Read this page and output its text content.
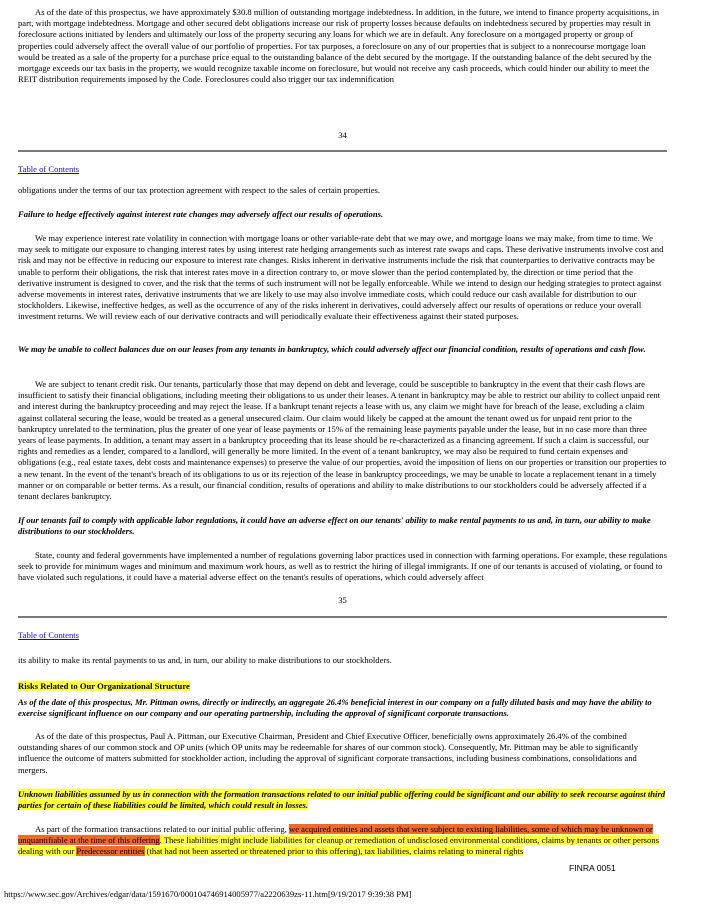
As of the date of this prospectus, we have approximately $30.8 million of outstanding mortgage indebtedness. In addition, in the future, we intend to finance property acquisitions, in part, with mortgage indebtedness. Mortgage and other secured debt obligations increase our risk of property losses because defaults on indebtedness secured by properties may result in foreclosure actions initiated by lenders and ultimately our loss of the property securing any loans for which we are in default. Any foreclosure on a mortgaged property or group of properties could adversely affect the overall value of our portfolio of properties. For tax purposes, a foreclosure on any of our properties that is subject to a nonrecourse mortgage loan would be treated as a sale of the property for a purchase price equal to the outstanding balance of the debt secured by the mortgage. If the outstanding balance of the debt secured by the mortgage exceeds our tax basis in the property, we would recognize taxable income on foreclosure, but would not receive any cash proceeds, which could hinder our ability to meet the REIT distribution requirements imposed by the Code. Foreclosures could also trigger our tax indemnification

34

Table of Contents

obligations under the terms of our tax protection agreement with respect to the sales of certain properties.

Failure to hedge effectively against interest rate changes may adversely affect our results of operations.

We may experience interest rate volatility in connection with mortgage loans or other variable-rate debt that we may owe, and mortgage loans we may make, from time to time. We may seek to mitigate our exposure to changing interest rates by using interest rate hedging arrangements such as interest rate swaps and caps. These derivative instruments involve cost and risk and may not be effective in reducing our exposure to interest rate changes. Risks inherent in derivative instruments include the risk that counterparties to derivative contracts may be unable to perform their obligations, the risk that interest rates move in a direction contrary to, or move slower than the period contemplated by, the direction or time period that the derivative instrument is designed to cover, and the risk that the terms of such instrument will not be legally enforceable. While we intend to design our hedging strategies to protect against adverse movements in interest rates, derivative instruments that we are likely to use may also involve immediate costs, which could reduce our cash available for distribution to our stockholders. Likewise, ineffective hedges, as well as the occurrence of any of the risks inherent in derivatives, could adversely affect our results of operations or reduce your overall investment returns. We will review each of our derivative contracts and will periodically evaluate their effectiveness against their stated purposes.

We may be unable to collect balances due on our leases from any tenants in bankruptcy, which could adversely affect our financial condition, results of operations and cash flow.

We are subject to tenant credit risk. Our tenants, particularly those that may depend on debt and leverage, could be susceptible to bankruptcy in the event that their cash flows are insufficient to satisfy their financial obligations, including meeting their obligations to us under their leases. A tenant in bankruptcy may be able to restrict our ability to collect unpaid rent and interest during the bankruptcy proceeding and may reject the lease. If a bankrupt tenant rejects a lease with us, any claim we might have for breach of the lease, excluding a claim against collateral securing the lease, would be treated as a general unsecured claim. Our claim would likely be capped at the amount the tenant owed us for unpaid rent prior to the bankruptcy unrelated to the termination, plus the greater of one year of lease payments or 15% of the remaining lease payments payable under the lease, but in no case more than three years of lease payments. In addition, a tenant may assert in a bankruptcy proceeding that its lease should be re-characterized as a financing agreement. If such a claim is successful, our rights and remedies as a lender, compared to a landlord, will generally be more limited. In the event of a tenant bankruptcy, we may also be required to fund certain expenses and obligations (e.g., real estate taxes, debt costs and maintenance expenses) to preserve the value of our properties, avoid the imposition of liens on our properties or transition our properties to a new tenant. In the event of the tenant's breach of its obligations to us or its rejection of the lease in bankruptcy proceedings, we may be unable to locate a replacement tenant in a timely manner or on comparable or better terms. As a result, our financial condition, results of operations and ability to make distributions to our stockholders could be adversely affected if a tenant declares bankruptcy.

If our tenants fail to comply with applicable labor regulations, it could have an adverse effect on our tenants' ability to make rental payments to us and, in turn, our ability to make distributions to our stockholders.

State, county and federal governments have implemented a number of regulations governing labor practices used in connection with farming operations. For example, these regulations seek to provide for minimum wages and minimum and maximum work hours, as well as to restrict the hiring of illegal immigrants. If one of our tenants is accused of violating, or found to have violated such regulations, it could have a material adverse effect on the tenant's results of operations, which could adversely affect

35

Table of Contents

its ability to make its rental payments to us and, in turn, our ability to make distributions to our stockholders.

Risks Related to Our Organizational Structure

As of the date of this prospectus, Mr. Pittman owns, directly or indirectly, an aggregate 26.4% beneficial interest in our company on a fully diluted basis and may have the ability to exercise significant influence on our company and our operating partnership, including the approval of significant corporate transactions.

As of the date of this prospectus, Paul A. Pittman, our Executive Chairman, President and Chief Executive Officer, beneficially owns approximately 26.4% of the combined outstanding shares of our common stock and OP units (which OP units may be redeemable for shares of our common stock). Consequently, Mr. Pittman may be able to significantly influence the outcome of matters submitted for stockholder action, including the approval of significant corporate transactions, including business combinations, consolidations and mergers.

Unknown liabilities assumed by us in connection with the formation transactions related to our initial public offering could be significant and our ability to seek recourse against third parties for certain of these liabilities could be limited, which could result in losses.

As part of the formation transactions related to our initial public offering, we acquired entities and assets that were subject to existing liabilities, some of which may be unknown or unquantifiable at the time of this offering. These liabilities might include liabilities for cleanup or remediation of undisclosed environmental conditions, claims by tenants or other persons dealing with our Predecessor entities (that had not been asserted or threatened prior to this offering), tax liabilities, claims relating to mineral rights

FINRA 0051
https://www.sec.gov/Archives/edgar/data/1591670/000104746914005977/a2220639zs-11.htm[9/19/2017 9:39:38 PM]
